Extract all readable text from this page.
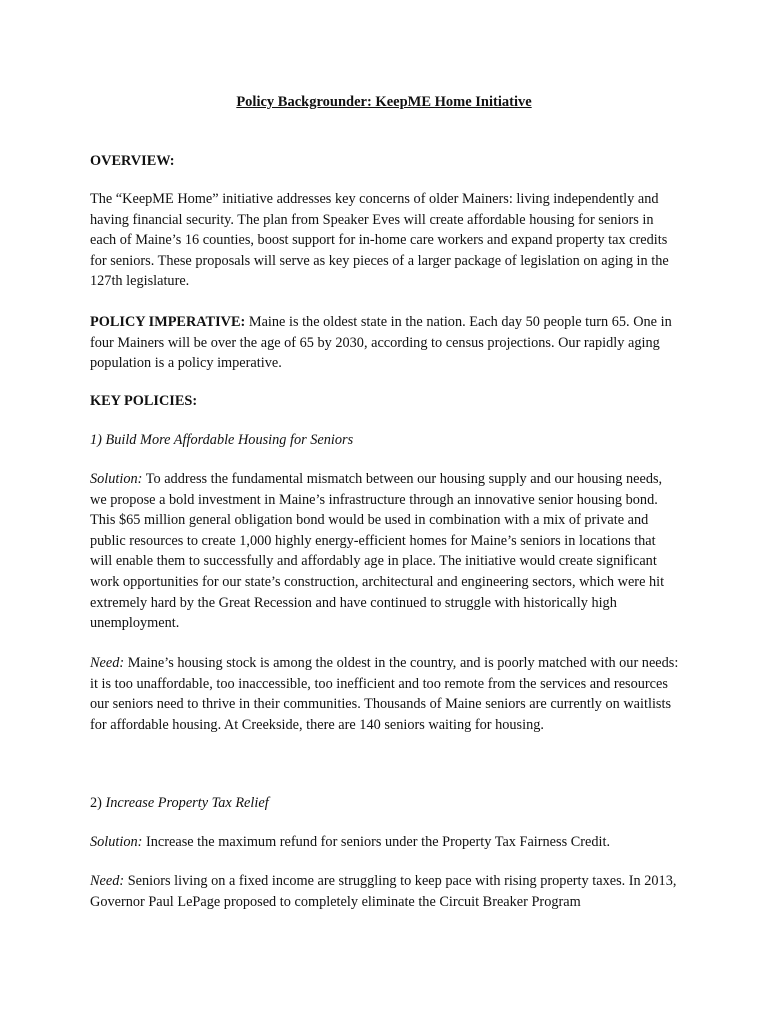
Policy Backgrounder: KeepME Home Initiative

OVERVIEW:

The “KeepME Home” initiative addresses key concerns of older Mainers: living independently and having financial security. The plan from Speaker Eves will create affordable housing for seniors in each of Maine’s 16 counties, boost support for in-home care workers and expand property tax credits for seniors. These proposals will serve as key pieces of a larger package of legislation on aging in the 127th legislature.

POLICY IMPERATIVE: Maine is the oldest state in the nation. Each day 50 people turn 65. One in four Mainers will be over the age of 65 by 2030, according to census projections. Our rapidly aging population is a policy imperative.

KEY POLICIES:

1) Build More Affordable Housing for Seniors

Solution: To address the fundamental mismatch between our housing supply and our housing needs, we propose a bold investment in Maine’s infrastructure through an innovative senior housing bond. This $65 million general obligation bond would be used in combination with a mix of private and public resources to create 1,000 highly energy-efficient homes for Maine’s seniors in locations that will enable them to successfully and affordably age in place. The initiative would create significant work opportunities for our state’s construction, architectural and engineering sectors, which were hit extremely hard by the Great Recession and have continued to struggle with historically high unemployment.

Need: Maine’s housing stock is among the oldest in the country, and is poorly matched with our needs: it is too unaffordable, too inaccessible, too inefficient and too remote from the services and resources our seniors need to thrive in their communities. Thousands of Maine seniors are currently on waitlists for affordable housing. At Creekside, there are 140 seniors waiting for housing.

2) Increase Property Tax Relief

Solution: Increase the maximum refund for seniors under the Property Tax Fairness Credit.

Need: Seniors living on a fixed income are struggling to keep pace with rising property taxes. In 2013, Governor Paul LePage proposed to completely eliminate the Circuit Breaker Program
